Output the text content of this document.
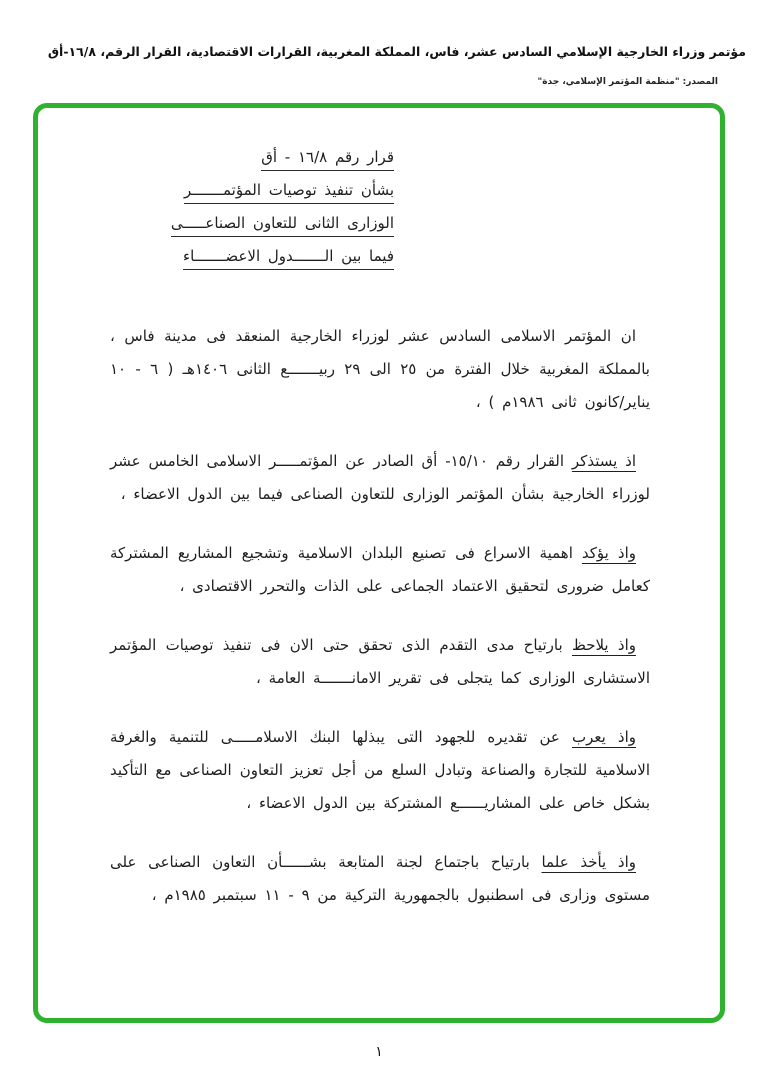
مؤتمر وزراء الخارجية الإسلامي السادس عشر، فاس، المملكة المغربية، القرارات الاقتصادية، القرار الرقم، ١٦/٨-أق
المصدر: "منظمة المؤتمر الإسلامي، جدة"
قرار رقم ١٦/٨ - أق
بشأن تنفيذ توصيات المؤتمـــــــر
الوزارى الثانى للتعاون الصناعـــــى
فيما بين الـــــــدول الاعضـــــــاء

ان المؤتمر الاسلامى السادس عشر لوزراء الخارجية المنعقد فى مدينة فاس ، بالمملكة المغربية خلال الفترة من ٢٥ الى ٢٩ ربيـــــــع الثانى ١٤٠٦هـ ( ٦ - ١٠ يناير/كانون ثانى ١٩٨٦م ) ،

اذ يستذكر القرار رقم ١٥/١٠- أق الصادر عن المؤتمـــــر الاسلامى الخامس عشر لوزراء الخارجية بشأن المؤتمر الوزارى للتعاون الصناعى فيما بين الدول الاعضاء ،

واذ يؤكد اهمية الاسراع فى تصنيع البلدان الاسلامية وتشجيع المشاريع المشتركة كعامل ضرورى لتحقيق الاعتماد الجماعى على الذات والتحرر الاقتصادى ،

واذ يلاحظ بارتياح مدى التقدم الذى تحقق حتى الان فى تنفيذ توصيات المؤتمر الاستشارى الوزارى كما يتجلى فى تقرير الامانـــــــة العامة ،

واذ يعرب عن تقديره للجهود التى يبذلها البنك الاسلامـــــى للتنمية والغرفة الاسلامية للتجارة والصناعة وتبادل السلع من أجل تعزيز التعاون الصناعى مع التأكيد بشكل خاص على المشاريــــــع المشتركة بين الدول الاعضاء ،

واذ يأخذ علما بارتياح باجتماع لجنة المتابعة بشــــــأن التعاون الصناعى على مستوى وزارى فى اسطنبول بالجمهورية التركية من ٩ - ١١ سبتمبر ١٩٨٥م ،

١
